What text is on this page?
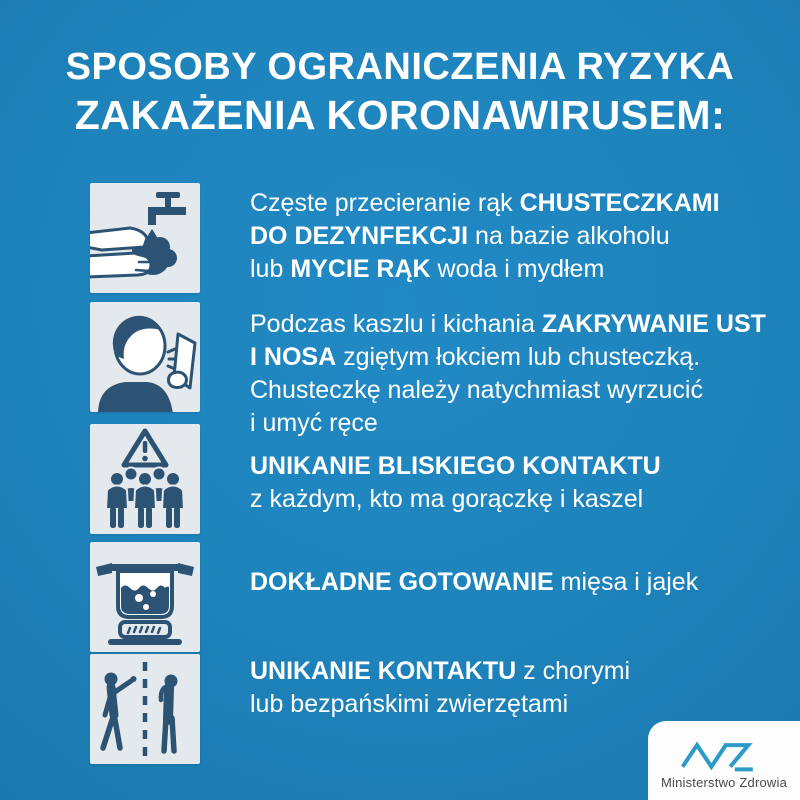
SPOSOBY OGRANICZENIA RYZYKA
ZAKAŻENIA KORONAWIRUSEM:
Częste przecieranie rąk CHUSTECZKAMI
DO DEZYNFEKCJI na bazie alkoholu
lub MYCIE RĄK woda i mydłem
Podczas kaszlu i kichania ZAKRYWANIE UST
I NOSA zgiętym łokciem lub chusteczką.
Chusteczkę należy natychmiast wyrzucić
i umyć ręce
UNIKANIE BLISKIEGO KONTAKTU
z każdym, kto ma gorączkę i kaszel
DOKŁADNE GOTOWANIE mięsa i jajek
UNIKANIE KONTAKTU z chorymi
lub bezpańskimi zwierzętami
Ministerstwo Zdrowia
